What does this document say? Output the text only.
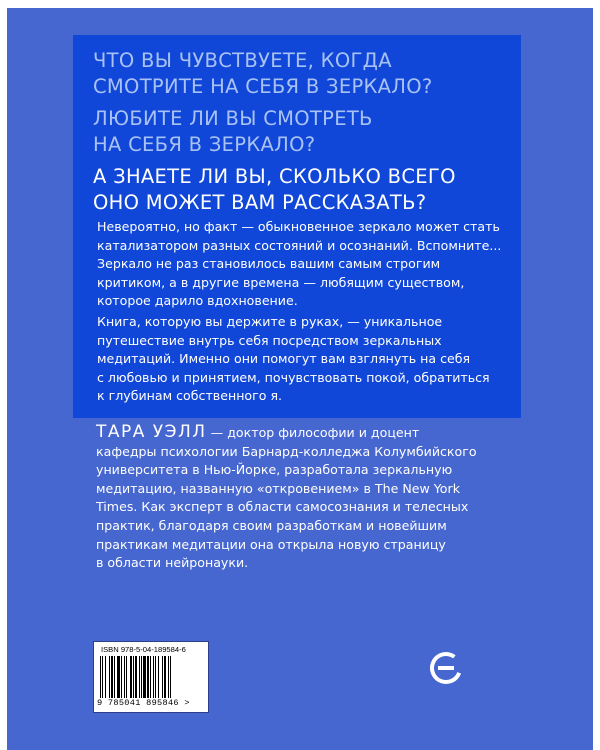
ЧТО ВЫ ЧУВСТВУЕТЕ, КОГДА
СМОТРИТЕ НА СЕБЯ В ЗЕРКАЛО?

ЛЮБИТЕ ЛИ ВЫ СМОТРЕТЬ
НА СЕБЯ В ЗЕРКАЛО?

А ЗНАЕТЕ ЛИ ВЫ, СКОЛЬКО ВСЕГО
ОНО МОЖЕТ ВАМ РАССКАЗАТЬ?

Невероятно, но факт — обыкновенное зеркало может стать
катализатором разных состояний и осознаний. Вспомните...
Зеркало не раз становилось вашим самым строгим
критиком, а в другие времена — любящим существом,
которое дарило вдохновение.

Книга, которую вы держите в руках, — уникальное
путешествие внутрь себя посредством зеркальных
медитаций. Именно они помогут вам взглянуть на себя
с любовью и принятием, почувствовать покой, обратиться
к глубинам собственного я.

ТАРА УЭЛЛ — доктор философии и доцент
кафедры психологии Барнард-колледжа Колумбийского
университета в Нью-Йорке, разработала зеркальную
медитацию, названную «откровением» в The New York
Times. Как эксперт в области самосознания и телесных
практик, благодаря своим разработкам и новейшим
практикам медитации она открыла новую страницу
в области нейронауки.

ISBN 978-5-04-189584-6
9 785041 895846 >
